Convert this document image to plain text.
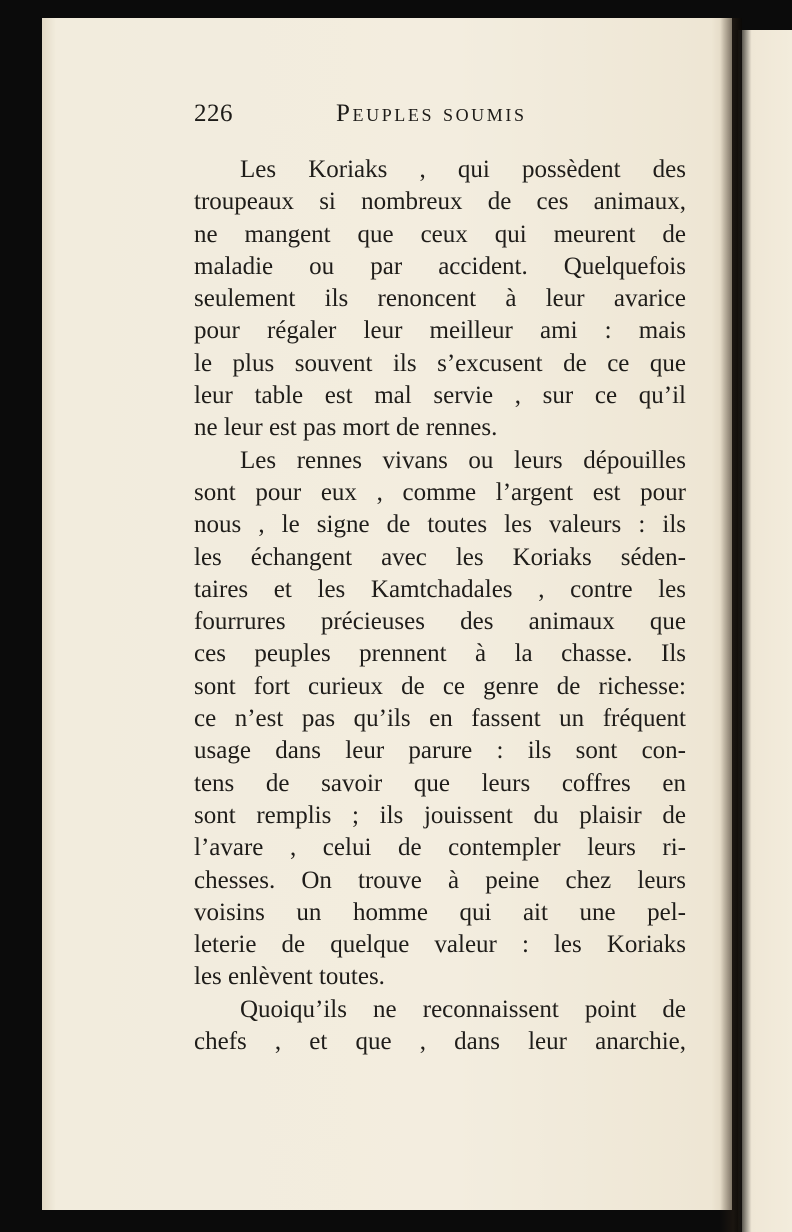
226	Peuples soumis
Les Koriaks , qui possèdent des
troupeaux si nombreux de ces animaux,
ne mangent que ceux qui meurent de
maladie ou par accident. Quelquefois
seulement ils renoncent à leur avarice
pour régaler leur meilleur ami : mais
le plus souvent ils s’excusent de ce que
leur table est mal servie , sur ce qu’il
ne leur est pas mort de rennes.
Les rennes vivans ou leurs dépouilles
sont pour eux , comme l’argent est pour
nous , le signe de toutes les valeurs : ils
les échangent avec les Koriaks séden-
taires et les Kamtchadales , contre les
fourrures précieuses des animaux que
ces peuples prennent à la chasse. Ils
sont fort curieux de ce genre de richesse:
ce n’est pas qu’ils en fassent un fréquent
usage dans leur parure : ils sont con-
tens de savoir que leurs coffres en
sont remplis ; ils jouissent du plaisir de
l’avare , celui de contempler leurs ri-
chesses. On trouve à peine chez leurs
voisins un homme qui ait une pel-
leterie de quelque valeur : les Koriaks
les enlèvent toutes.
Quoiqu’ils ne reconnaissent point de
chefs , et que , dans leur anarchie,
